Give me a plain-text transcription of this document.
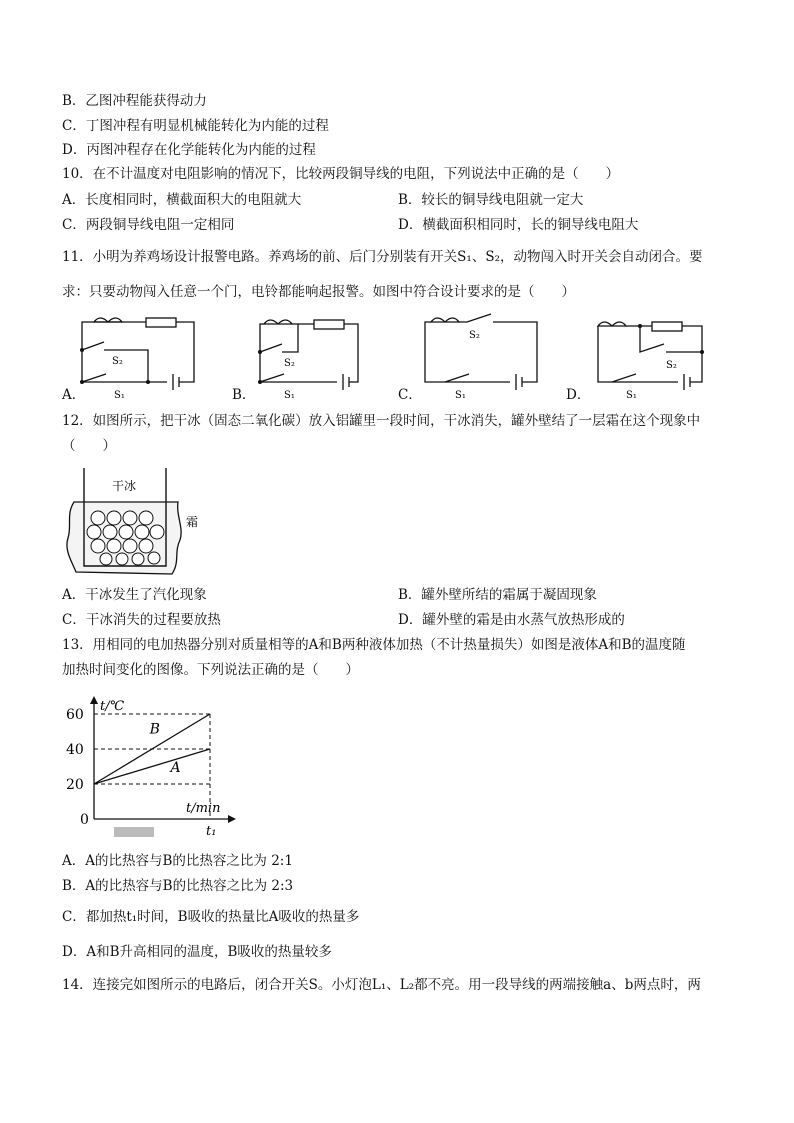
B．乙图冲程能获得动力
C．丁图冲程有明显机械能转化为内能的过程
D．丙图冲程存在化学能转化为内能的过程
10．在不计温度对电阻影响的情况下，比较两段铜导线的电阻，下列说法中正确的是（　　）
A．长度相同时，横截面积大的电阻就大	B．较长的铜导线电阻就一定大
C．两段铜导线电阻一定相同	D．横截面积相同时，长的铜导线电阻大
11．小明为养鸡场设计报警电路。养鸡场的前、后门分别装有开关S₁、S₂，动物闯入时开关会自动闭合。要
求：只要动物闯入任意一个门，电铃都能响起报警。如图中符合设计要求的是（　　）
S₂
S₁
A．
S₂
S₁
B．
S₂
S₁
C．
S₂
S₁
D．
12．如图所示，把干冰（固态二氧化碳）放入铝罐里一段时间，干冰消失，罐外壁结了一层霜在这个现象中
（　　）
干冰
霜
A．干冰发生了汽化现象	B．罐外壁所结的霜属于凝固现象
C．干冰消失的过程要放热	D．罐外壁的霜是由水蒸气放热形成的
13．用相同的电加热器分别对质量相等的A和B两种液体加热（不计热量损失）如图是液体A和B的温度随
加热时间变化的图像。下列说法正确的是（　　）
t/℃
t/min
20
40
60
0
t₁
A
B
A．A的比热容与B的比热容之比为 2:1
B．A的比热容与B的比热容之比为 2:3
C．都加热t₁时间，B吸收的热量比A吸收的热量多
D．A和B升高相同的温度，B吸收的热量较多
14．连接完如图所示的电路后，闭合开关S。小灯泡L₁、L₂都不亮。用一段导线的两端接触a、b两点时，两
